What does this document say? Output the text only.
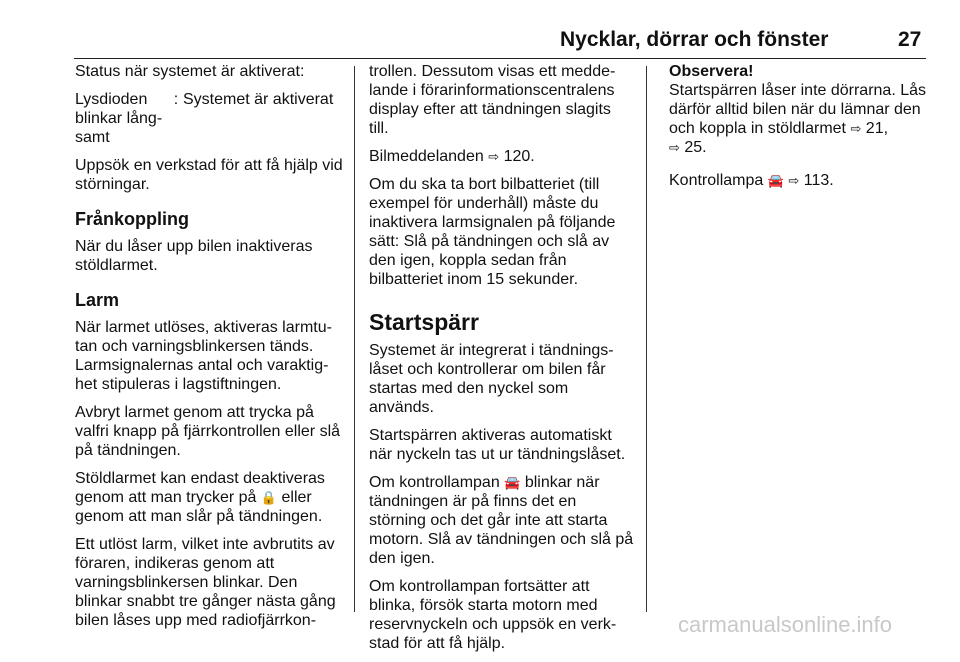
Nycklar, dörrar och fönster	27

Status när systemet är aktiverat:

Lysdioden
blinkar lång-
samt
: Systemet är aktiverat

Uppsök en verkstad för att få hjälp vid störningar.

Frånkoppling

När du låser upp bilen inaktiveras stöldlarmet.

Larm

När larmet utlöses, aktiveras larmtutan och varningsblinkersen tänds. Larmsignalernas antal och varaktighet stipuleras i lagstiftningen.

Avbryt larmet genom att trycka på valfri knapp på fjärrkontrollen eller slå på tändningen.

Stöldlarmet kan endast deaktiveras genom att man trycker på 🔒 eller genom att man slår på tändningen.

Ett utlöst larm, vilket inte avbrutits av föraren, indikeras genom att varningsblinkersen blinkar. Den blinkar snabbt tre gånger nästa gång bilen låses upp med radiofjärrkon-

trollen. Dessutom visas ett meddelande i förarinformationscentralens display efter att tändningen slagits till.

Bilmeddelanden ⇨ 120.

Om du ska ta bort bilbatteriet (till exempel för underhåll) måste du inaktivera larmsignalen på följande sätt: Slå på tändningen och slå av den igen, koppla sedan från bilbatteriet inom 15 sekunder.

Startspärr

Systemet är integrerat i tändningslåset och kontrollerar om bilen får startas med den nyckel som används.

Startspärren aktiveras automatiskt när nyckeln tas ut ur tändningslåset.

Om kontrollampan 🚘 blinkar när tändningen är på finns det en störning och det går inte att starta motorn. Slå av tändningen och slå på den igen.

Om kontrollampan fortsätter att blinka, försök starta motorn med reservnyckeln och uppsök en verkstad för att få hjälp.

Observera!
Startspärren låser inte dörrarna. Lås därför alltid bilen när du lämnar den och koppla in stöldlarmet ⇨ 21,
⇨ 25.

Kontrollampa 🚘 ⇨ 113.

carmanualsonline.info
